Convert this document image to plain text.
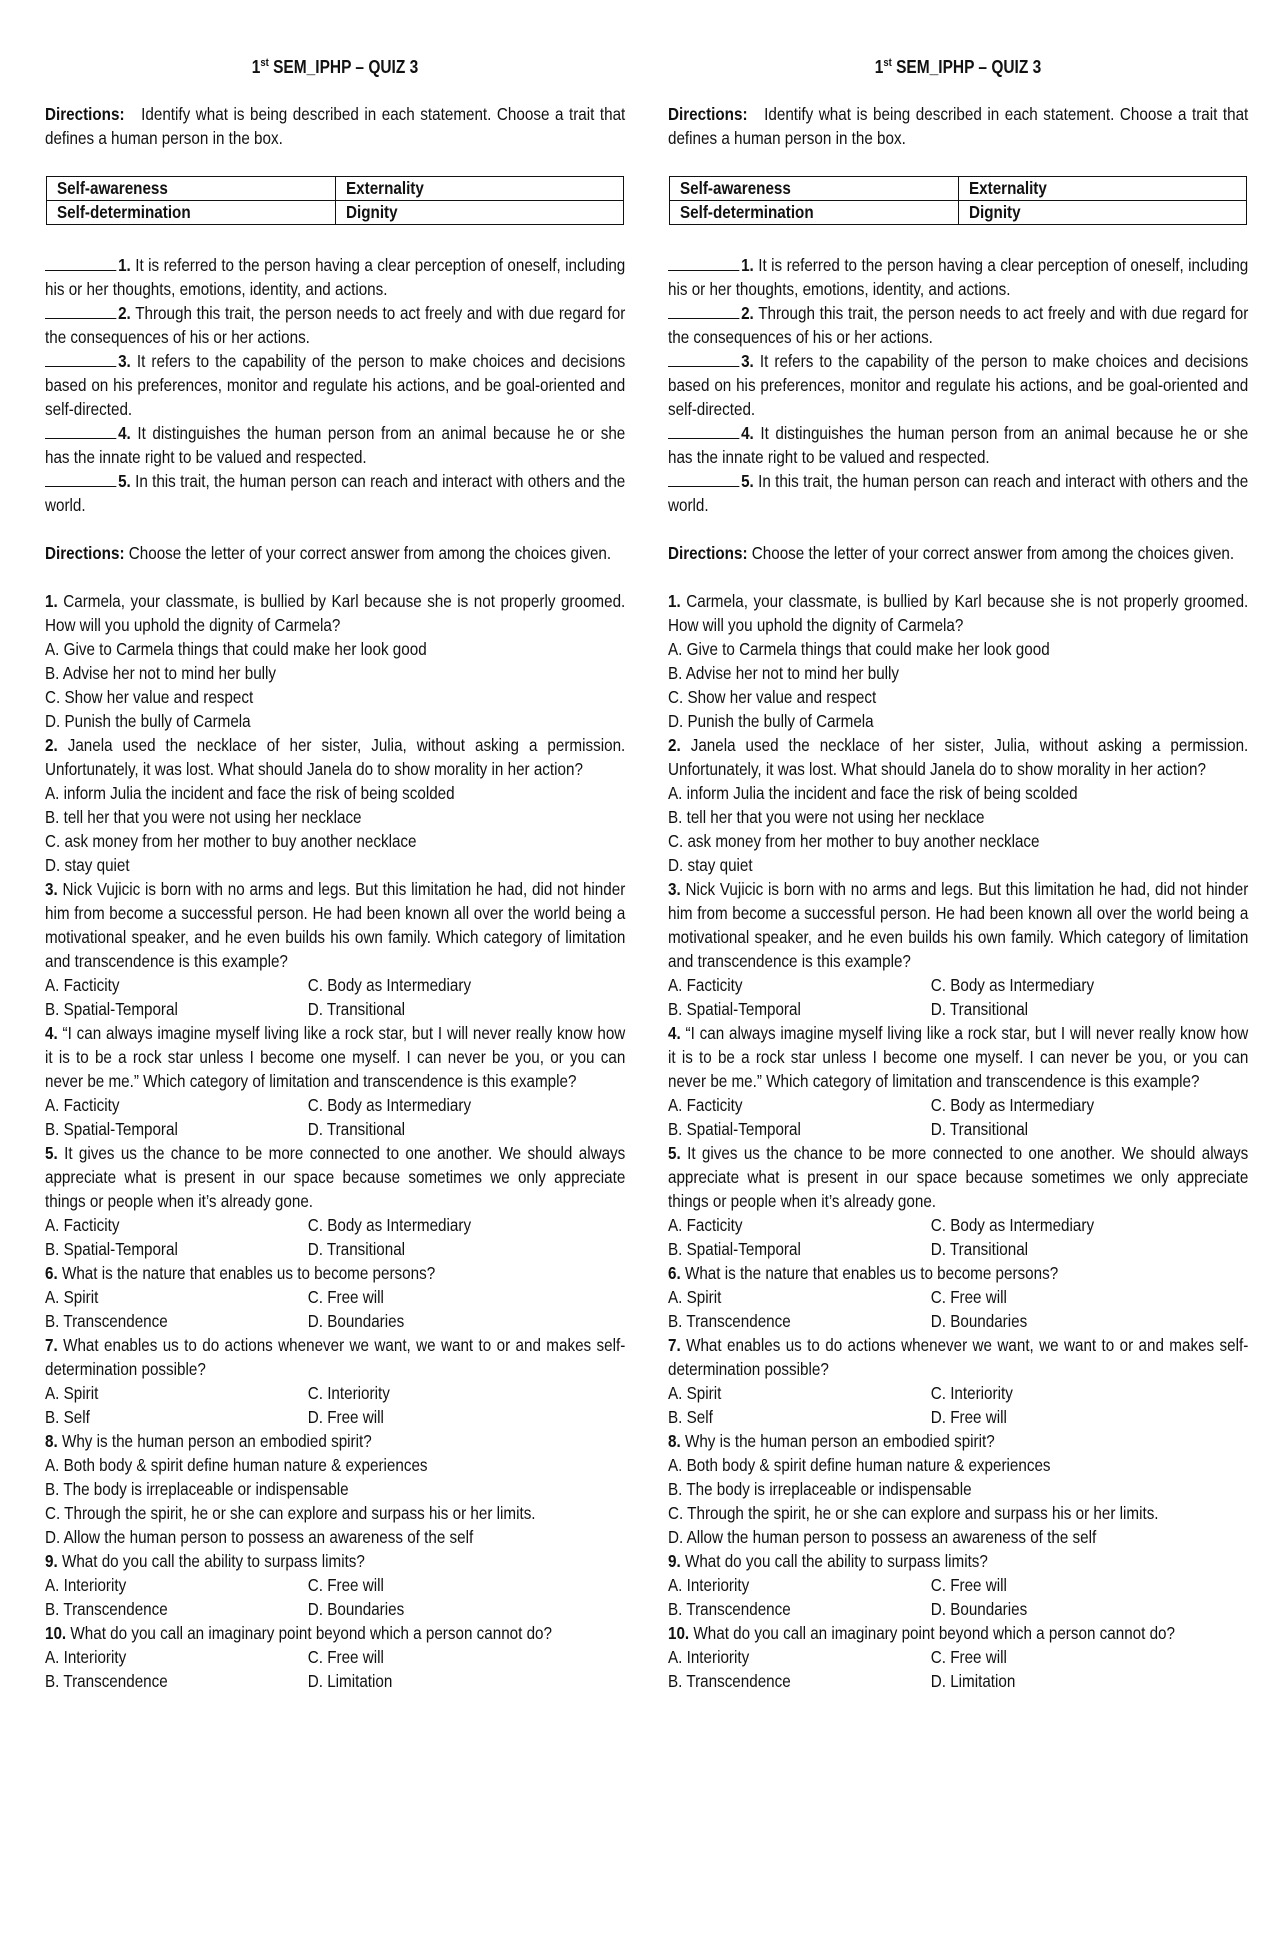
1st SEM_IPHP – QUIZ 3

Directions: Identify what is being described in each statement. Choose a trait that defines a human person in the box.

Self-awareness	Externality
Self-determination	Dignity

1. It is referred to the person having a clear perception of oneself, including his or her thoughts, emotions, identity, and actions.

2. Through this trait, the person needs to act freely and with due regard for the consequences of his or her actions.

3. It refers to the capability of the person to make choices and decisions based on his preferences, monitor and regulate his actions, and be goal-oriented and self-directed.

4. It distinguishes the human person from an animal because he or she has the innate right to be valued and respected.

5. In this trait, the human person can reach and interact with others and the world.

Directions: Choose the letter of your correct answer from among the choices given.

1. Carmela, your classmate, is bullied by Karl because she is not properly groomed. How will you uphold the dignity of Carmela?

A. Give to Carmela things that could make her look good

B. Advise her not to mind her bully

C. Show her value and respect

D. Punish the bully of Carmela

2. Janela used the necklace of her sister, Julia, without asking a permission. Unfortunately, it was lost. What should Janela do to show morality in her action?

A. inform Julia the incident and face the risk of being scolded

B. tell her that you were not using her necklace

C. ask money from her mother to buy another necklace

D. stay quiet

3. Nick Vujicic is born with no arms and legs. But this limitation he had, did not hinder him from become a successful person. He had been known all over the world being a motivational speaker, and he even builds his own family. Which category of limitation and transcendence is this example?

A. Facticity	C. Body as Intermediary
B. Spatial-Temporal	D. Transitional

4. “I can always imagine myself living like a rock star, but I will never really know how it is to be a rock star unless I become one myself. I can never be you, or you can never be me.” Which category of limitation and transcendence is this example?

A. Facticity	C. Body as Intermediary
B. Spatial-Temporal	D. Transitional

5. It gives us the chance to be more connected to one another. We should always appreciate what is present in our space because sometimes we only appreciate things or people when it’s already gone.

A. Facticity	C. Body as Intermediary
B. Spatial-Temporal	D. Transitional

6. What is the nature that enables us to become persons?

A. Spirit	C. Free will
B. Transcendence	D. Boundaries

7. What enables us to do actions whenever we want, we want to or and makes self-determination possible?

A. Spirit	C. Interiority
B. Self	D. Free will

8. Why is the human person an embodied spirit?

A. Both body & spirit define human nature & experiences

B. The body is irreplaceable or indispensable

C. Through the spirit, he or she can explore and surpass his or her limits.

D. Allow the human person to possess an awareness of the self

9. What do you call the ability to surpass limits?

A. Interiority	C. Free will
B. Transcendence	D. Boundaries

10. What do you call an imaginary point beyond which a person cannot do?

A. Interiority	C. Free will
B. Transcendence	D. Limitation
1st SEM_IPHP – QUIZ 3

Directions: Identify what is being described in each statement. Choose a trait that defines a human person in the box.

Self-awareness	Externality
Self-determination	Dignity

1. It is referred to the person having a clear perception of oneself, including his or her thoughts, emotions, identity, and actions.

2. Through this trait, the person needs to act freely and with due regard for the consequences of his or her actions.

3. It refers to the capability of the person to make choices and decisions based on his preferences, monitor and regulate his actions, and be goal-oriented and self-directed.

4. It distinguishes the human person from an animal because he or she has the innate right to be valued and respected.

5. In this trait, the human person can reach and interact with others and the world.

Directions: Choose the letter of your correct answer from among the choices given.

1. Carmela, your classmate, is bullied by Karl because she is not properly groomed. How will you uphold the dignity of Carmela?

A. Give to Carmela things that could make her look good

B. Advise her not to mind her bully

C. Show her value and respect

D. Punish the bully of Carmela

2. Janela used the necklace of her sister, Julia, without asking a permission. Unfortunately, it was lost. What should Janela do to show morality in her action?

A. inform Julia the incident and face the risk of being scolded

B. tell her that you were not using her necklace

C. ask money from her mother to buy another necklace

D. stay quiet

3. Nick Vujicic is born with no arms and legs. But this limitation he had, did not hinder him from become a successful person. He had been known all over the world being a motivational speaker, and he even builds his own family. Which category of limitation and transcendence is this example?

A. Facticity	C. Body as Intermediary
B. Spatial-Temporal	D. Transitional

4. “I can always imagine myself living like a rock star, but I will never really know how it is to be a rock star unless I become one myself. I can never be you, or you can never be me.” Which category of limitation and transcendence is this example?

A. Facticity	C. Body as Intermediary
B. Spatial-Temporal	D. Transitional

5. It gives us the chance to be more connected to one another. We should always appreciate what is present in our space because sometimes we only appreciate things or people when it’s already gone.

A. Facticity	C. Body as Intermediary
B. Spatial-Temporal	D. Transitional

6. What is the nature that enables us to become persons?

A. Spirit	C. Free will
B. Transcendence	D. Boundaries

7. What enables us to do actions whenever we want, we want to or and makes self-determination possible?

A. Spirit	C. Interiority
B. Self	D. Free will

8. Why is the human person an embodied spirit?

A. Both body & spirit define human nature & experiences

B. The body is irreplaceable or indispensable

C. Through the spirit, he or she can explore and surpass his or her limits.

D. Allow the human person to possess an awareness of the self

9. What do you call the ability to surpass limits?

A. Interiority	C. Free will
B. Transcendence	D. Boundaries

10. What do you call an imaginary point beyond which a person cannot do?

A. Interiority	C. Free will
B. Transcendence	D. Limitation
